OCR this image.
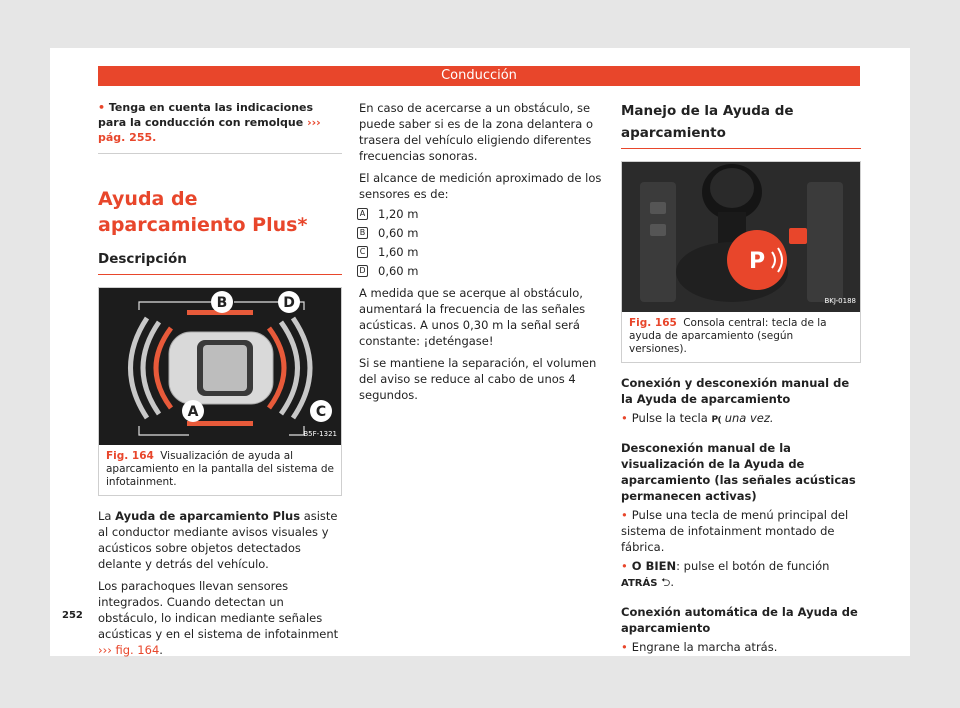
Conducción
• Tenga en cuenta las indicaciones para la conducción con remolque ››› pág. 255.
Ayuda de aparcamiento Plus*
Descripción
B	D
A	C
B5F-1321
Fig. 164 Visualización de ayuda al aparcamiento en la pantalla del sistema de infotainment.

La Ayuda de aparcamiento Plus asiste al conductor mediante avisos visuales y acústicos sobre objetos detectados delante y detrás del vehículo.

Los parachoques llevan sensores integrados. Cuando detectan un obstáculo, lo indican mediante señales acústicas y en el sistema de infotainment ››› fig. 164.

En caso de acercarse a un obstáculo, se puede saber si es de la zona delantera o trasera del vehículo eligiendo diferentes frecuencias sonoras.

El alcance de medición aproximado de los sensores es de:

A 1,20 m
B 0,60 m
C 1,60 m
D 0,60 m

A medida que se acerque al obstáculo, aumentará la frecuencia de las señales acústicas. A unos 0,30 m la señal será constante: ¡deténgase!

Si se mantiene la separación, el volumen del aviso se reduce al cabo de unos 4 segundos.

Manejo de la Ayuda de aparcamiento
P
BKJ-0188
Fig. 165 Consola central: tecla de la ayuda de aparcamiento (según versiones).
Conexión y desconexión manual de la Ayuda de aparcamiento

• Pulse la tecla P⦅ una vez.

Desconexión manual de la visualización de la Ayuda de aparcamiento (las señales acústicas permanecen activas)

• Pulse una tecla de menú principal del sistema de infotainment montado de fábrica.

• O BIEN: pulse el botón de función ATRÁS ⮌.

Conexión automática de la Ayuda de aparcamiento

• Engrane la marcha atrás.

252
